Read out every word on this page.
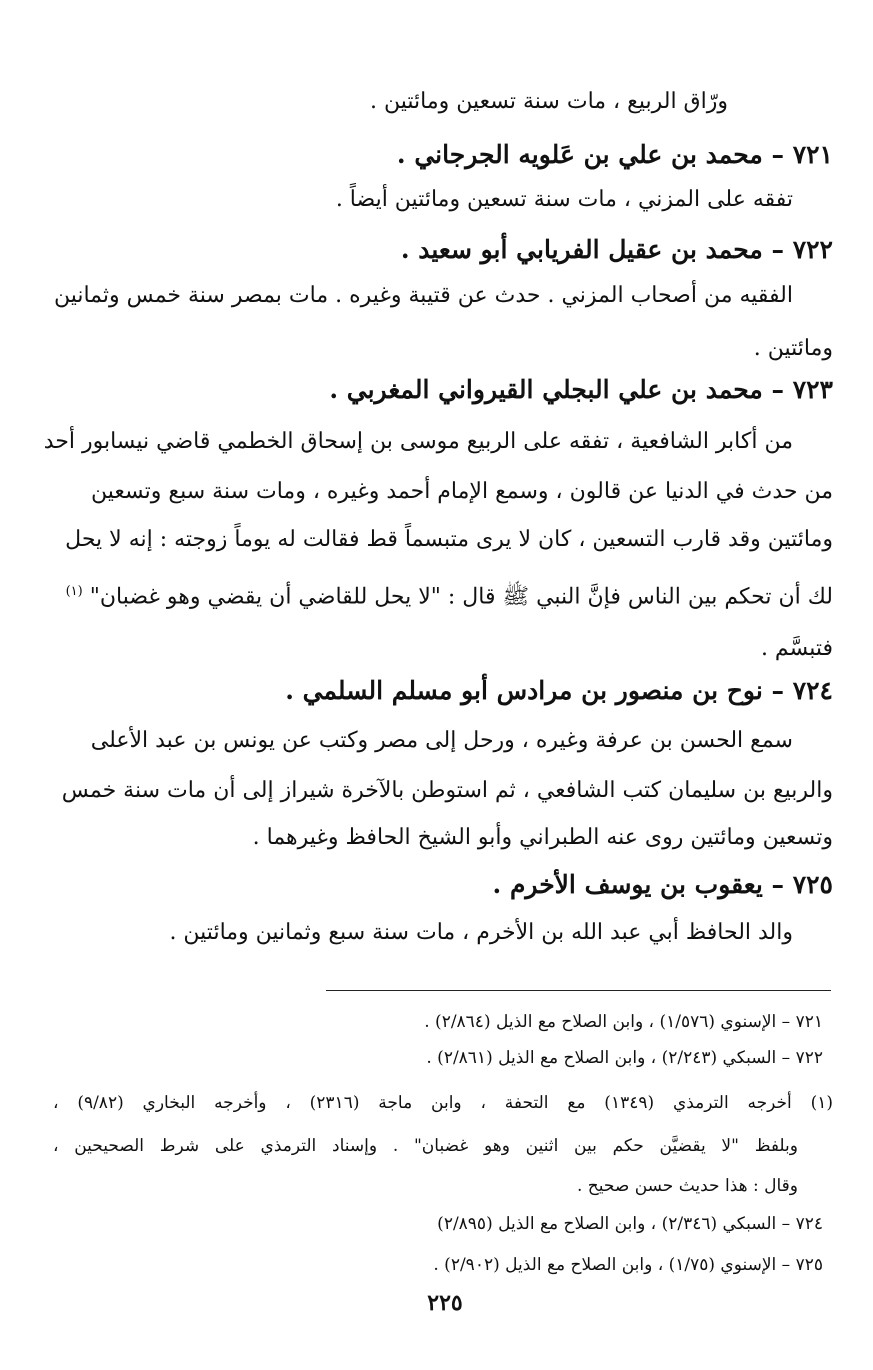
ورّاق الربيع ، مات سنة تسعين ومائتين .
٧٢١ – محمد بن علي بن عَلويه الجرجاني .
تفقه على المزني ، مات سنة تسعين ومائتين أيضاً .
٧٢٢ – محمد بن عقيل الفريابي أبو سعيد .
الفقيه من أصحاب المزني . حدث عن قتيبة وغيره . مات بمصر سنة خمس وثمانين
ومائتين .
٧٢٣ – محمد بن علي البجلي القيرواني المغربي .
من أكابر الشافعية ، تفقه على الربيع موسى بن إسحاق الخطمي قاضي نيسابور أحد
من حدث في الدنيا عن قالون ، وسمع الإمام أحمد وغيره ، ومات سنة سبع وتسعين
ومائتين وقد قارب التسعين ، كان لا يرى متبسماً قط فقالت له يوماً زوجته : إنه لا يحل
لك أن تحكم بين الناس فإنَّ النبي ﷺ قال : "لا يحل للقاضي أن يقضي وهو غضبان" $^{(١)}$
فتبسَّم .
٧٢٤ – نوح بن منصور بن مرادس أبو مسلم السلمي .
سمع الحسن بن عرفة وغيره ، ورحل إلى مصر وكتب عن يونس بن عبد الأعلى
والربيع بن سليمان كتب الشافعي ، ثم استوطن بالآخرة شيراز إلى أن مات سنة خمس
وتسعين ومائتين روى عنه الطبراني وأبو الشيخ الحافظ وغيرهما .
٧٢٥ – يعقوب بن يوسف الأخرم .
والد الحافظ أبي عبد الله بن الأخرم ، مات سنة سبع وثمانين ومائتين .
٧٢١ – الإسنوي (١/٥٧٦) ، وابن الصلاح مع الذيل (٢/٨٦٤) .
٧٢٢ – السبكي (٢/٢٤٣) ، وابن الصلاح مع الذيل (٢/٨٦١) .
(١) أخرجه الترمذي (١٣٤٩) مع التحفة ، وابن ماجة (٢٣١٦) ، وأخرجه البخاري (٩/٨٢) ،
وبلفظ "لا يقضيَّن حكم بين اثنين وهو غضبان" . وإسناد الترمذي على شرط الصحيحين ،
وقال : هذا حديث حسن صحيح .
٧٢٤ – السبكي (٢/٣٤٦) ، وابن الصلاح مع الذيل (٢/٨٩٥)
٧٢٥ – الإسنوي (١/٧٥) ، وابن الصلاح مع الذيل (٢/٩٠٢) .
٢٢٥
